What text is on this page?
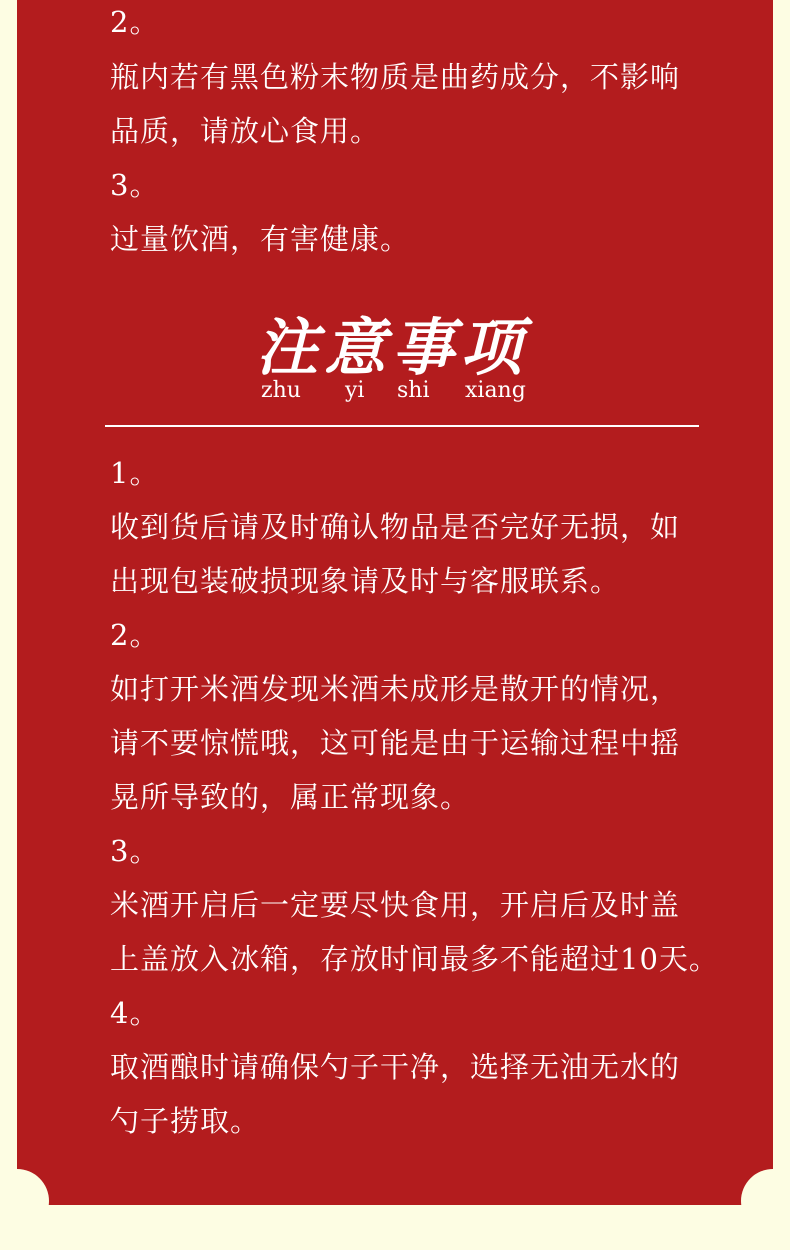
2。
瓶内若有黑色粉末物质是曲药成分，不影响
品质，请放心食用。
3。
过量饮酒，有害健康。
注意事项
zhu yi shi xiang
1。
收到货后请及时确认物品是否完好无损，如
出现包装破损现象请及时与客服联系。
2。
如打开米酒发现米酒未成形是散开的情况，
请不要惊慌哦，这可能是由于运输过程中摇
晃所导致的，属正常现象。
3。
米酒开启后一定要尽快食用，开启后及时盖
上盖放入冰箱，存放时间最多不能超过10天。
4。
取酒酿时请确保勺子干净，选择无油无水的
勺子捞取。
